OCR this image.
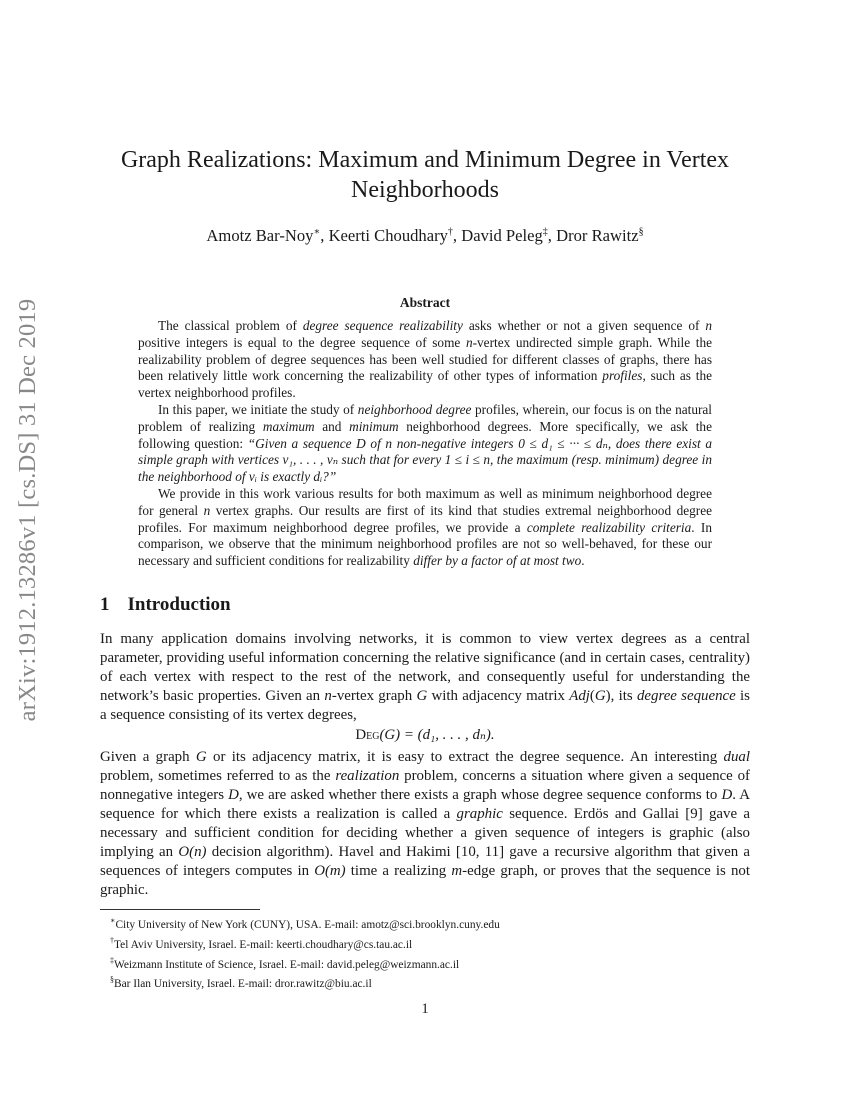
arXiv:1912.13286v1 [cs.DS] 31 Dec 2019
Graph Realizations: Maximum and Minimum Degree in Vertex Neighborhoods
Amotz Bar-Noy∗, Keerti Choudhary†, David Peleg‡, Dror Rawitz§
Abstract

The classical problem of degree sequence realizability asks whether or not a given sequence of n positive integers is equal to the degree sequence of some n-vertex undirected simple graph. While the realizability problem of degree sequences has been well studied for different classes of graphs, there has been relatively little work concerning the realizability of other types of information profiles, such as the vertex neighborhood profiles.

In this paper, we initiate the study of neighborhood degree profiles, wherein, our focus is on the natural problem of realizing maximum and minimum neighborhood degrees. More specifically, we ask the following question: “Given a sequence D of n non-negative integers 0 ≤ d₁ ≤ ··· ≤ dₙ, does there exist a simple graph with vertices v₁, . . . , vₙ such that for every 1 ≤ i ≤ n, the maximum (resp. minimum) degree in the neighborhood of vᵢ is exactly dᵢ?”

We provide in this work various results for both maximum as well as minimum neighborhood degree for general n vertex graphs. Our results are first of its kind that studies extremal neighborhood degree profiles. For maximum neighborhood degree profiles, we provide a complete realizability criteria. In comparison, we observe that the minimum neighborhood profiles are not so well-behaved, for these our necessary and sufficient conditions for realizability differ by a factor of at most two.

1 Introduction

In many application domains involving networks, it is common to view vertex degrees as a central parameter, providing useful information concerning the relative significance (and in certain cases, centrality) of each vertex with respect to the rest of the network, and consequently useful for understanding the network’s basic properties. Given an n-vertex graph G with adjacency matrix Adj(G), its degree sequence is a sequence consisting of its vertex degrees,

Deg(G) = (d₁, . . . , dₙ).

Given a graph G or its adjacency matrix, it is easy to extract the degree sequence. An interesting dual problem, sometimes referred to as the realization problem, concerns a situation where given a sequence of nonnegative integers D, we are asked whether there exists a graph whose degree sequence conforms to D. A sequence for which there exists a realization is called a graphic sequence. Erdös and Gallai [9] gave a necessary and sufficient condition for deciding whether a given sequence of integers is graphic (also implying an O(n) decision algorithm). Havel and Hakimi [10, 11] gave a recursive algorithm that given a sequences of integers computes in O(m) time a realizing m-edge graph, or proves that the sequence is not graphic.

∗City University of New York (CUNY), USA. E-mail: amotz@sci.brooklyn.cuny.edu
†Tel Aviv University, Israel. E-mail: keerti.choudhary@cs.tau.ac.il
‡Weizmann Institute of Science, Israel. E-mail: david.peleg@weizmann.ac.il
§Bar Ilan University, Israel. E-mail: dror.rawitz@biu.ac.il
1
